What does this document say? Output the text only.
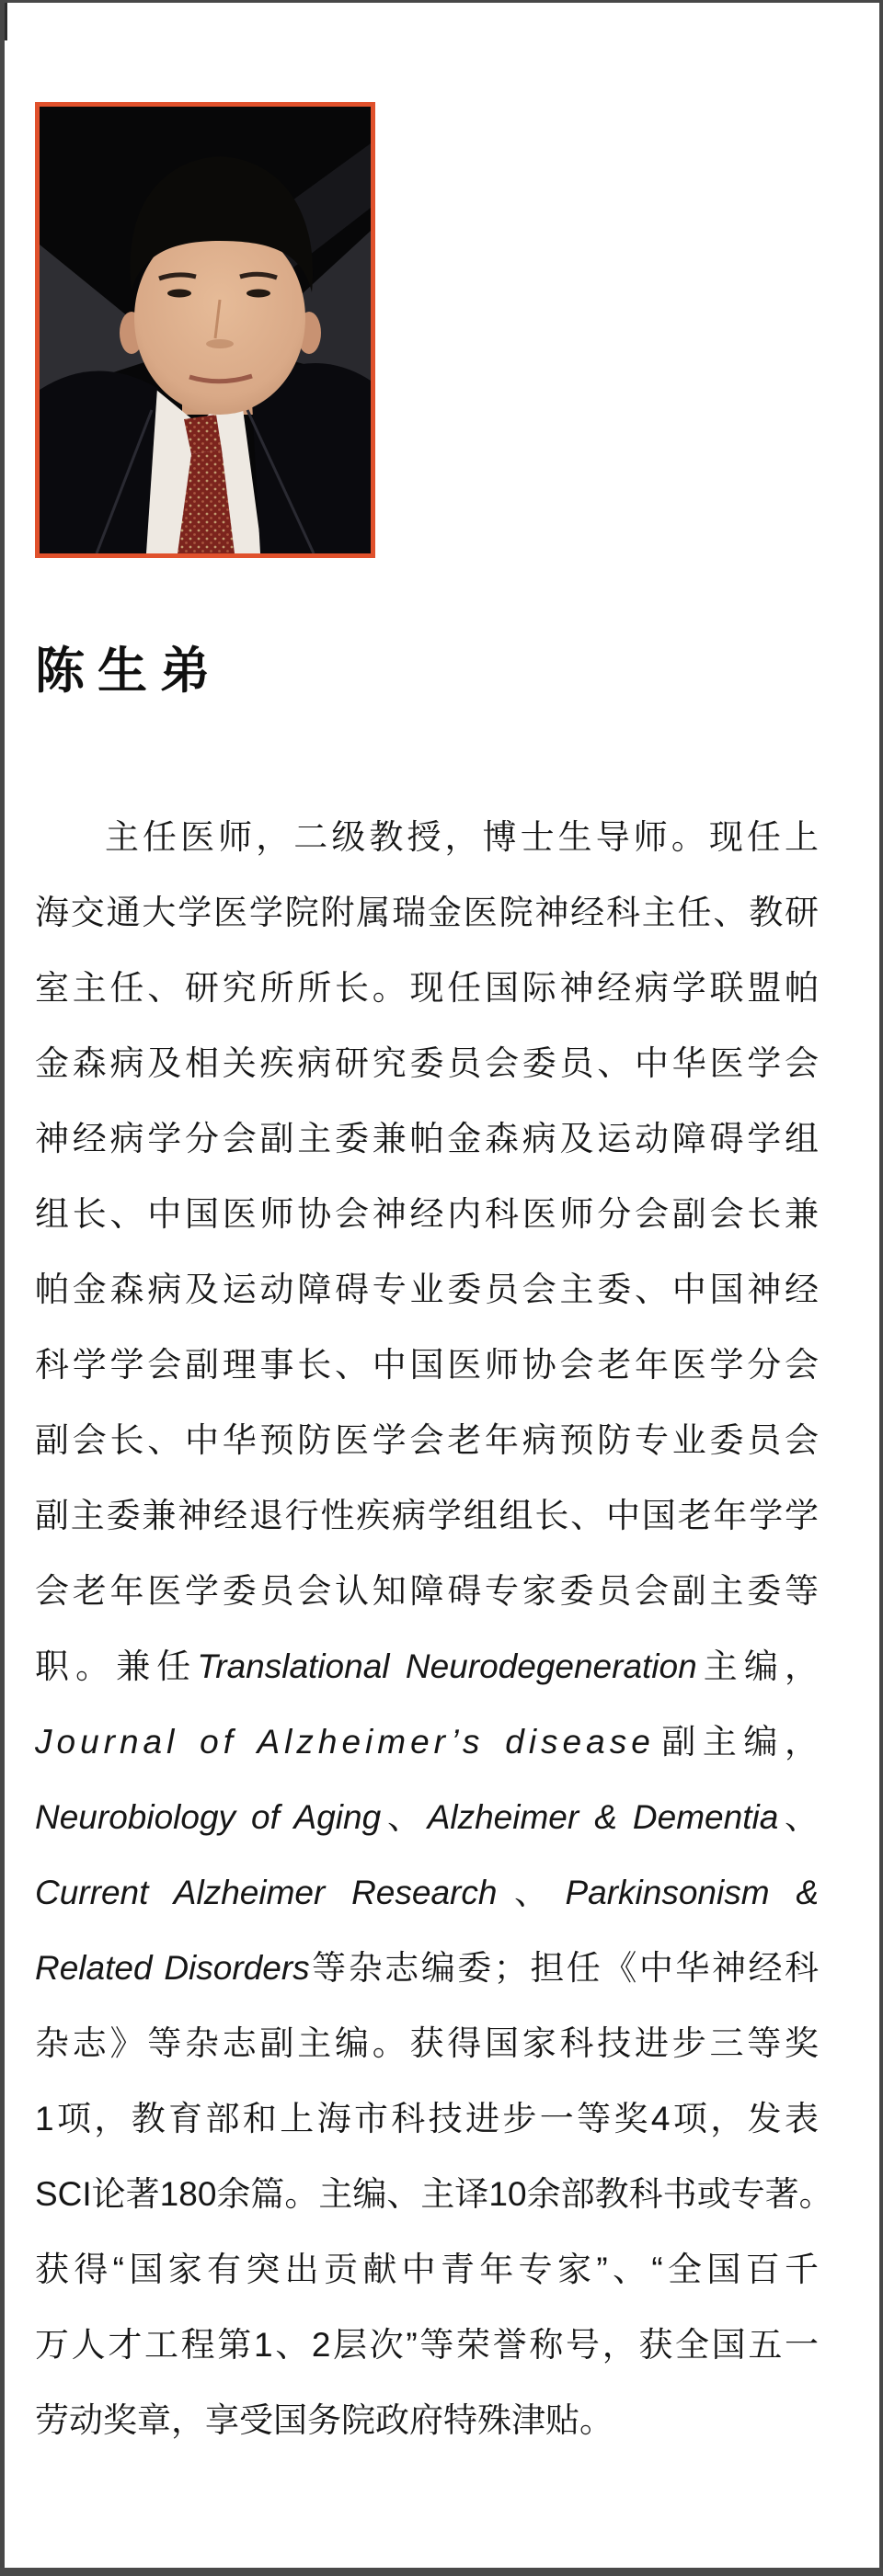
陈生弟
主任医师，二级教授，博士生导师。现任上
海交通大学医学院附属瑞金医院神经科主任、教研
室主任、研究所所长。现任国际神经病学联盟帕
金森病及相关疾病研究委员会委员、中华医学会
神经病学分会副主委兼帕金森病及运动障碍学组
组长、中国医师协会神经内科医师分会副会长兼
帕金森病及运动障碍专业委员会主委、中国神经
科学学会副理事长、中国医师协会老年医学分会
副会长、中华预防医学会老年病预防专业委员会
副主委兼神经退行性疾病学组组长、中国老年学学
会老年医学委员会认知障碍专家委员会副主委等
职。兼任Translational Neurodegeneration主编，
Journal of Alzheimer’s disease副主编，
Neurobiology of Aging、Alzheimer & Dementia、
Current Alzheimer Research、Parkinsonism &
Related Disorders等杂志编委；担任《中华神经科
杂志》等杂志副主编。获得国家科技进步三等奖
1项，教育部和上海市科技进步一等奖4项，发表
SCI论著180余篇。主编、主译10余部教科书或专著。
获得“国家有突出贡献中青年专家”、“全国百千
万人才工程第1、2层次”等荣誉称号，获全国五一
劳动奖章，享受国务院政府特殊津贴。
